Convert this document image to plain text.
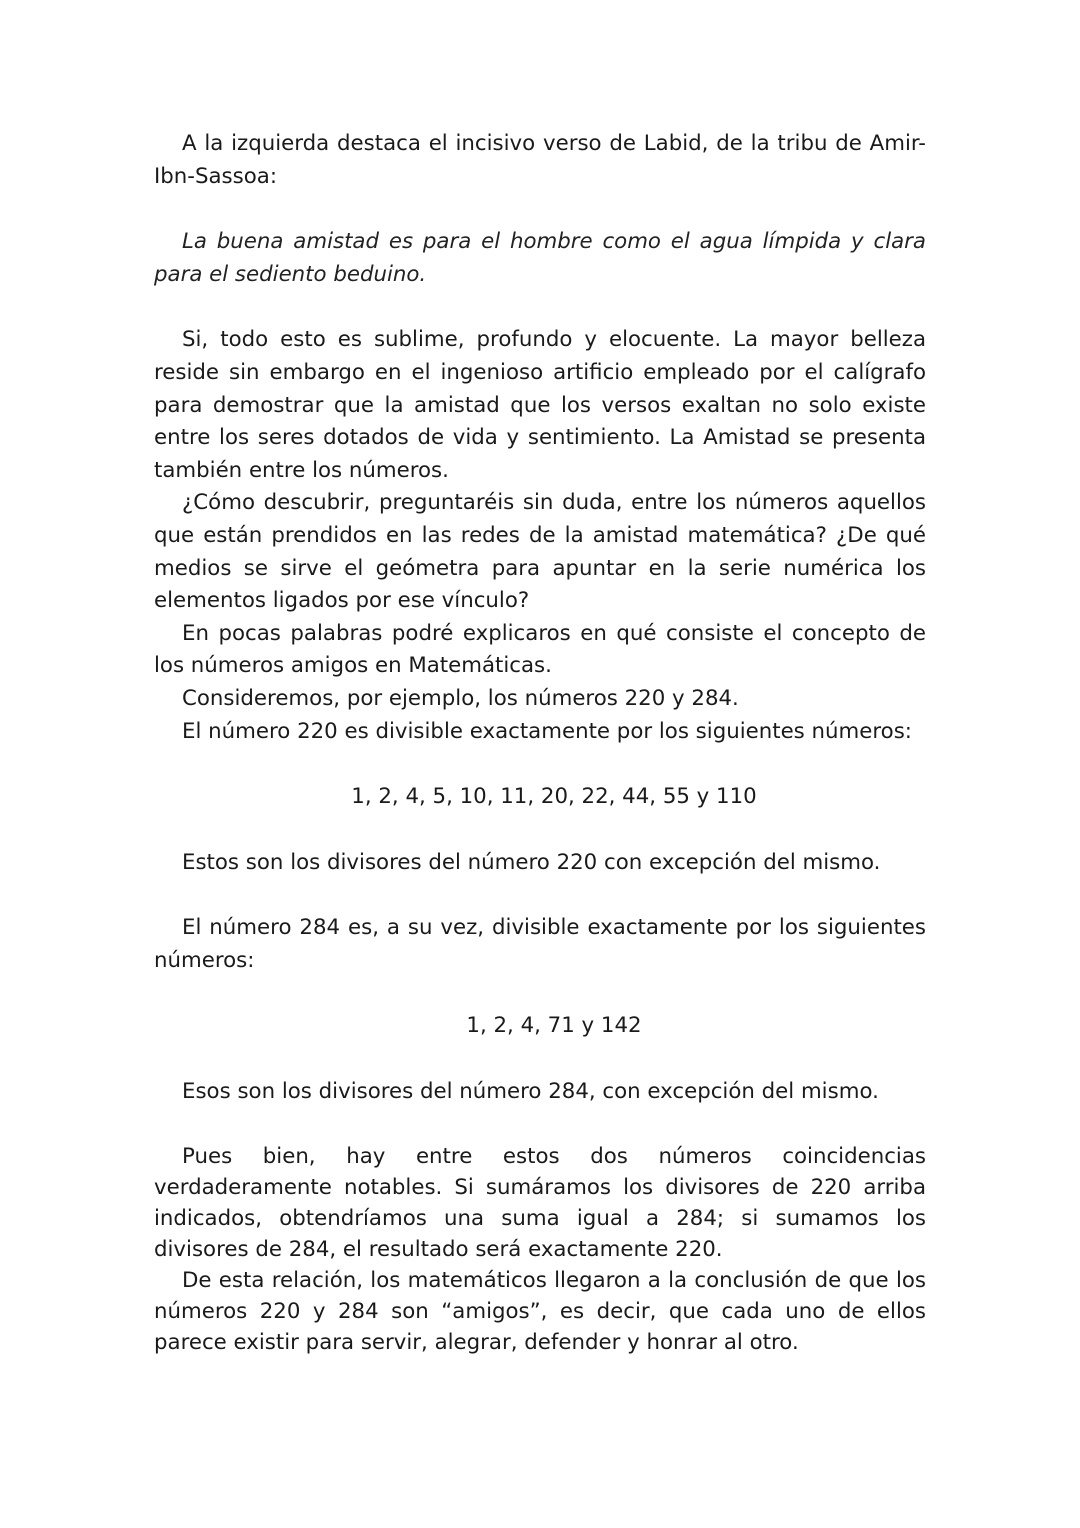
A la izquierda destaca el incisivo verso de Labid, de la tribu de Amir-Ibn-Sassoa:

La buena amistad es para el hombre como el agua límpida y clara para el sediento beduino.

Si, todo esto es sublime, profundo y elocuente. La mayor belleza reside sin embargo en el ingenioso artificio empleado por el calígrafo para demostrar que la amistad que los versos exaltan no solo existe entre los seres dotados de vida y sentimiento. La Amistad se presenta también entre los números.

¿Cómo descubrir, preguntaréis sin duda, entre los números aquellos que están prendidos en las redes de la amistad matemática? ¿De qué medios se sirve el geómetra para apuntar en la serie numérica los elementos ligados por ese vínculo?

En pocas palabras podré explicaros en qué consiste el concepto de los números amigos en Matemáticas.

Consideremos, por ejemplo, los números 220 y 284.

El número 220 es divisible exactamente por los siguientes números:

1, 2, 4, 5, 10, 11, 20, 22, 44, 55 y 110

Estos son los divisores del número 220 con excepción del mismo.

El número 284 es, a su vez, divisible exactamente por los siguientes números:

1, 2, 4, 71 y 142

Esos son los divisores del número 284, con excepción del mismo.

Pues bien, hay entre estos dos números coincidencias verdaderamente notables. Si sumáramos los divisores de 220 arriba indicados, obtendríamos una suma igual a 284; si sumamos los divisores de 284, el resultado será exactamente 220.

De esta relación, los matemáticos llegaron a la conclusión de que los números 220 y 284 son “amigos”, es decir, que cada uno de ellos parece existir para servir, alegrar, defender y honrar al otro.
